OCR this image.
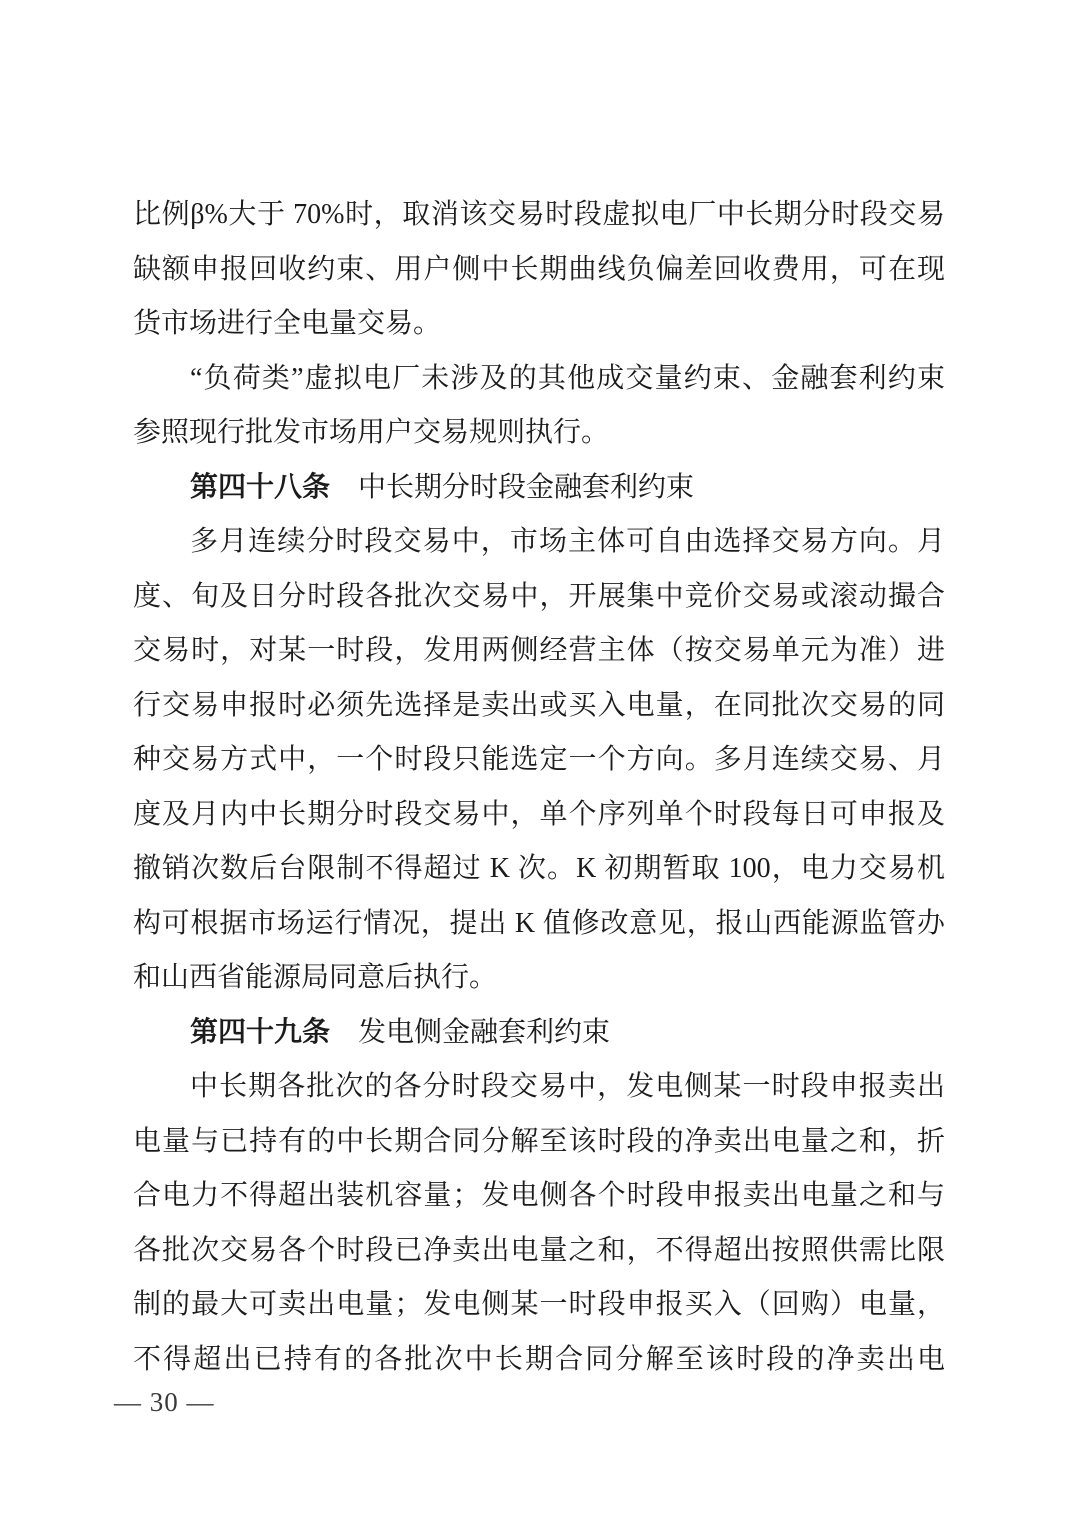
比例β%大于 70%时，取消该交易时段虚拟电厂中长期分时段交易
缺额申报回收约束、用户侧中长期曲线负偏差回收费用，可在现
货市场进行全电量交易。
“负荷类”虚拟电厂未涉及的其他成交量约束、金融套利约束
参照现行批发市场用户交易规则执行。
第四十八条　中长期分时段金融套利约束
多月连续分时段交易中，市场主体可自由选择交易方向。月
度、旬及日分时段各批次交易中，开展集中竞价交易或滚动撮合
交易时，对某一时段，发用两侧经营主体（按交易单元为准）进
行交易申报时必须先选择是卖出或买入电量，在同批次交易的同
种交易方式中，一个时段只能选定一个方向。多月连续交易、月
度及月内中长期分时段交易中，单个序列单个时段每日可申报及
撤销次数后台限制不得超过 K 次。K 初期暂取 100，电力交易机
构可根据市场运行情况，提出 K 值修改意见，报山西能源监管办
和山西省能源局同意后执行。
第四十九条　发电侧金融套利约束
中长期各批次的各分时段交易中，发电侧某一时段申报卖出
电量与已持有的中长期合同分解至该时段的净卖出电量之和，折
合电力不得超出装机容量；发电侧各个时段申报卖出电量之和与
各批次交易各个时段已净卖出电量之和，不得超出按照供需比限
制的最大可卖出电量；发电侧某一时段申报买入（回购）电量，
不得超出已持有的各批次中长期合同分解至该时段的净卖出电
— 30 —
